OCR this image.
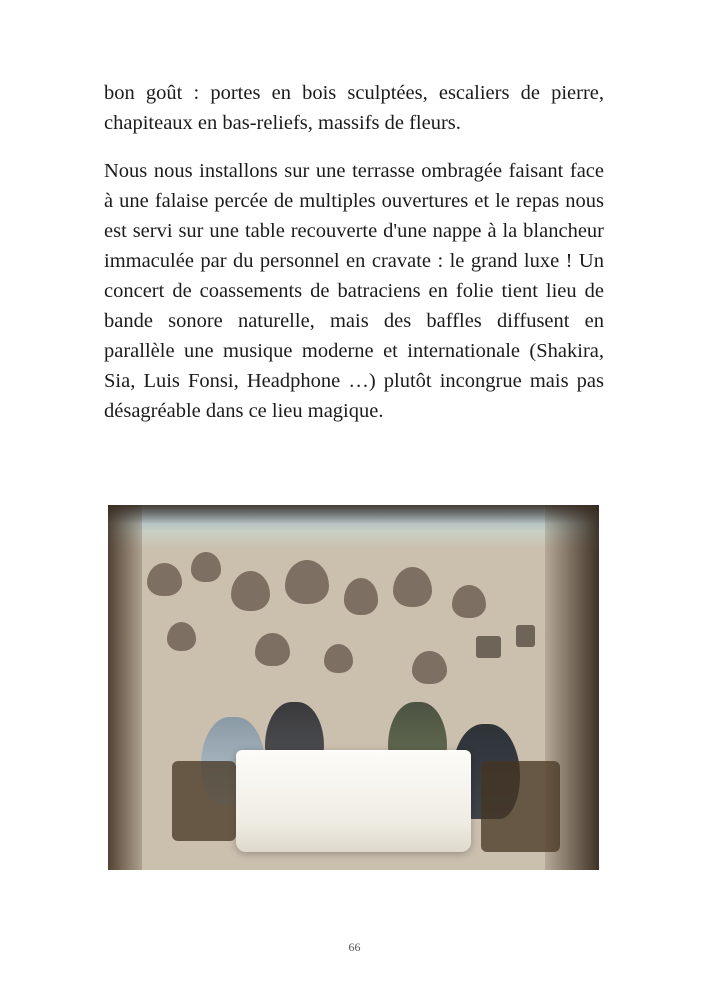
bon goût : portes en bois sculptées, escaliers de pierre, chapiteaux en bas-reliefs, massifs de fleurs.

Nous nous installons sur une terrasse ombragée faisant face à une falaise percée de multiples ouvertures et le repas nous est servi sur une table recouverte d'une nappe à la blancheur immaculée par du personnel en cravate : le grand luxe ! Un concert de coassements de batraciens en folie tient lieu de bande sonore naturelle, mais des baffles diffusent en parallèle une musique moderne et internationale (Shakira, Sia, Luis Fonsi, Headphone …) plutôt incongrue mais pas désagréable dans ce lieu magique.

66
